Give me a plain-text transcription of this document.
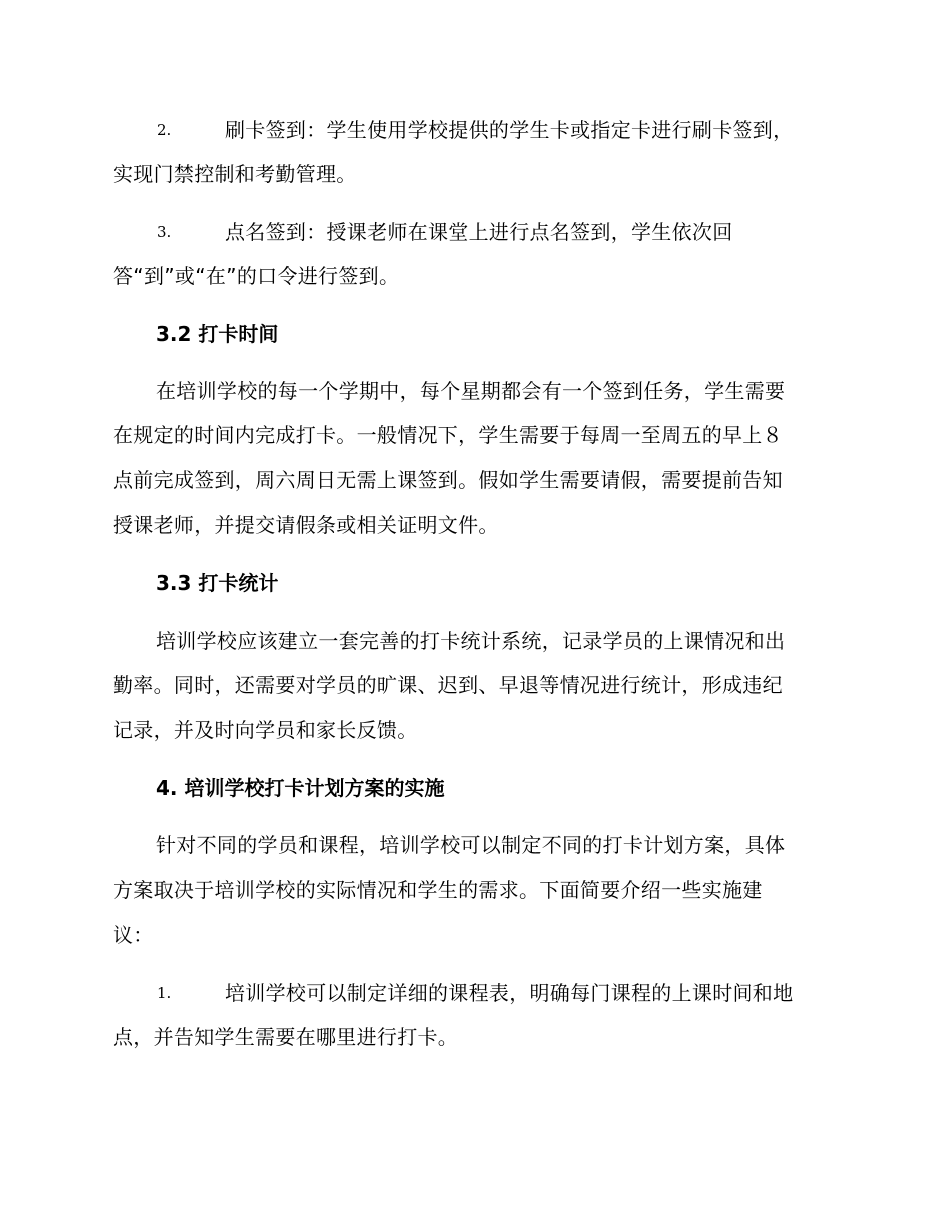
2.	刷卡签到：学生使用学校提供的学生卡或指定卡进行刷卡签到，
实现门禁控制和考勤管理。
3.	点名签到：授课老师在课堂上进行点名签到，学生依次回
答“到”或“在”的口令进行签到。
3.2 打卡时间
在培训学校的每一个学期中，每个星期都会有一个签到任务，学生需要
在规定的时间内完成打卡。一般情况下，学生需要于每周一至周五的早上８
点前完成签到，周六周日无需上课签到。假如学生需要请假，需要提前告知
授课老师，并提交请假条或相关证明文件。
3.3 打卡统计
培训学校应该建立一套完善的打卡统计系统，记录学员的上课情况和出
勤率。同时，还需要对学员的旷课、迟到、早退等情况进行统计，形成违纪
记录，并及时向学员和家长反馈。
4. 培训学校打卡计划方案的实施
针对不同的学员和课程，培训学校可以制定不同的打卡计划方案，具体
方案取决于培训学校的实际情况和学生的需求。下面简要介绍一些实施建
议：
1.	培训学校可以制定详细的课程表，明确每门课程的上课时间和地
点，并告知学生需要在哪里进行打卡。
